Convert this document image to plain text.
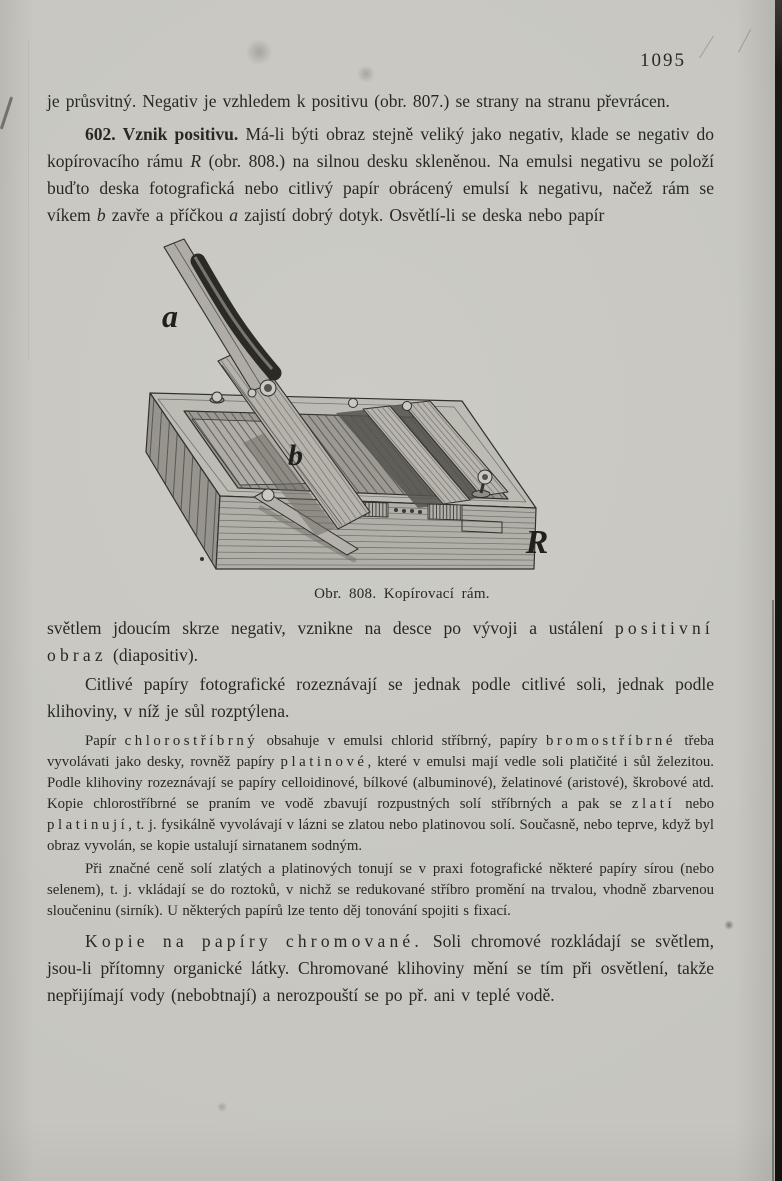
1095

je průsvitný. Negativ je vzhledem k positivu (obr. 807.) se strany na stranu převrácen.

602. Vznik positivu. Má-li býti obraz stejně veliký jako negativ, klade se negativ do kopírovacího rámu R (obr. 808.) na silnou desku skleněnou. Na emulsi negativu se položí buďto deska fotografická nebo citlivý papír obrácený emulsí k negativu, načež rám se víkem b zavře a příčkou a zajistí dobrý dotyk. Osvětlí-li se deska nebo papír

a
b
R
Obr. 808. Kopírovací rám.

světlem jdoucím skrze negativ, vznikne na desce po vývoji a ustálení positivní obraz (diapositiv).

Citlivé papíry fotografické rozeznávají se jednak podle citlivé soli, jednak podle klihoviny, v níž je sůl rozptýlena.

Papír chlorostříbrný obsahuje v emulsi chlorid stříbrný, papíry bromostříbrné třeba vyvolávati jako desky, rovněž papíry platinové, které v emulsi mají vedle soli platičité i sůl železitou. Podle klihoviny rozeznávají se papíry celloidinové, bílkové (albuminové), želatinové (aristové), škrobové atd. Kopie chlorostříbrné se praním ve vodě zbavují rozpustných solí stříbrných a pak se zlatí nebo platinují, t. j. fysikálně vyvolávají v lázni se zlatou nebo platinovou solí. Současně, nebo teprve, když byl obraz vyvolán, se kopie ustalují sirnatanem sodným.

Při značné ceně solí zlatých a platinových tonují se v praxi fotografické některé papíry sírou (nebo selenem), t. j. vkládají se do roztoků, v nichž se redukované stříbro promění na trvalou, vhodně zbarvenou sloučeninu (sirník). U některých papírů lze tento děj tonování spojiti s fixací.

Kopie na papíry chromované. Soli chromové rozkládají se světlem, jsou-li přítomny organické látky. Chromované klihoviny mění se tím při osvětlení, takže nepřijímají vody (nebobtnají) a nerozpouští se po př. ani v teplé vodě.
